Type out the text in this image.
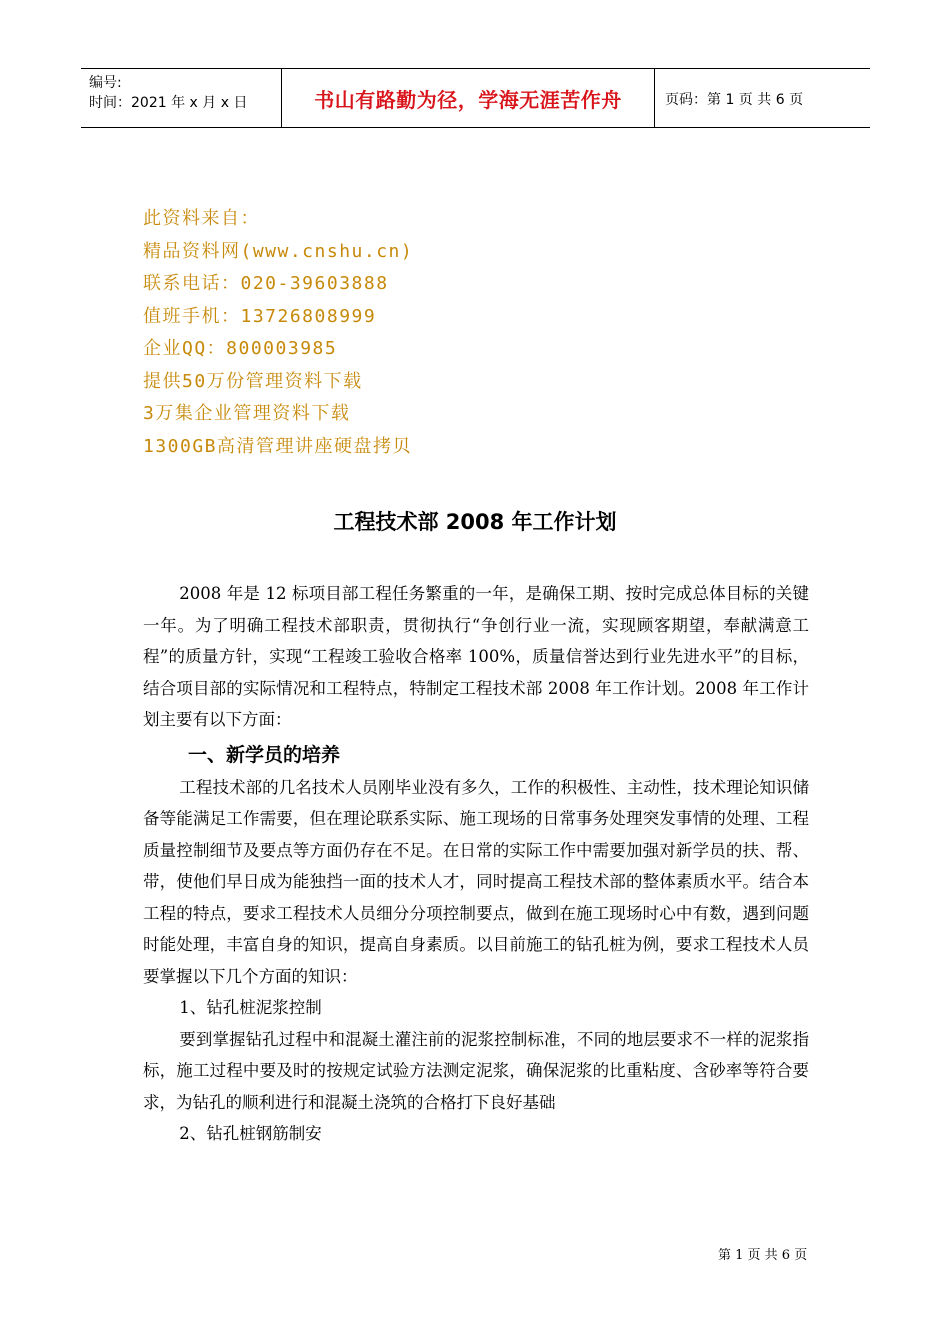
编号:
时间：2021 年 x 月 x 日	书山有路勤为径，学海无涯苦作舟	页码：第 1 页 共 6 页
此资料来自：
精品资料网(www.cnshu.cn)
联系电话：020-39603888
值班手机：13726808999
企业QQ：800003985
提供50万份管理资料下载
3万集企业管理资料下载
1300GB高清管理讲座硬盘拷贝
工程技术部 2008 年工作计划

2008 年是 12 标项目部工程任务繁重的一年，是确保工期、按时完成总体目标的关键一年。为了明确工程技术部职责，贯彻执行“争创行业一流，实现顾客期望，奉献满意工程”的质量方针，实现“工程竣工验收合格率 100%，质量信誉达到行业先进水平”的目标，结合项目部的实际情况和工程特点，特制定工程技术部 2008 年工作计划。2008 年工作计划主要有以下方面：

一、新学员的培养

工程技术部的几名技术人员刚毕业没有多久，工作的积极性、主动性，技术理论知识储备等能满足工作需要，但在理论联系实际、施工现场的日常事务处理突发事情的处理、工程质量控制细节及要点等方面仍存在不足。在日常的实际工作中需要加强对新学员的扶、帮、带，使他们早日成为能独挡一面的技术人才，同时提高工程技术部的整体素质水平。结合本工程的特点，要求工程技术人员细分分项控制要点，做到在施工现场时心中有数，遇到问题时能处理，丰富自身的知识，提高自身素质。以目前施工的钻孔桩为例，要求工程技术人员要掌握以下几个方面的知识：

1、钻孔桩泥浆控制

要到掌握钻孔过程中和混凝土灌注前的泥浆控制标准，不同的地层要求不一样的泥浆指标，施工过程中要及时的按规定试验方法测定泥浆，确保泥浆的比重粘度、含砂率等符合要求，为钻孔的顺利进行和混凝土浇筑的合格打下良好基础

2、钻孔桩钢筋制安

第 1 页 共 6 页
